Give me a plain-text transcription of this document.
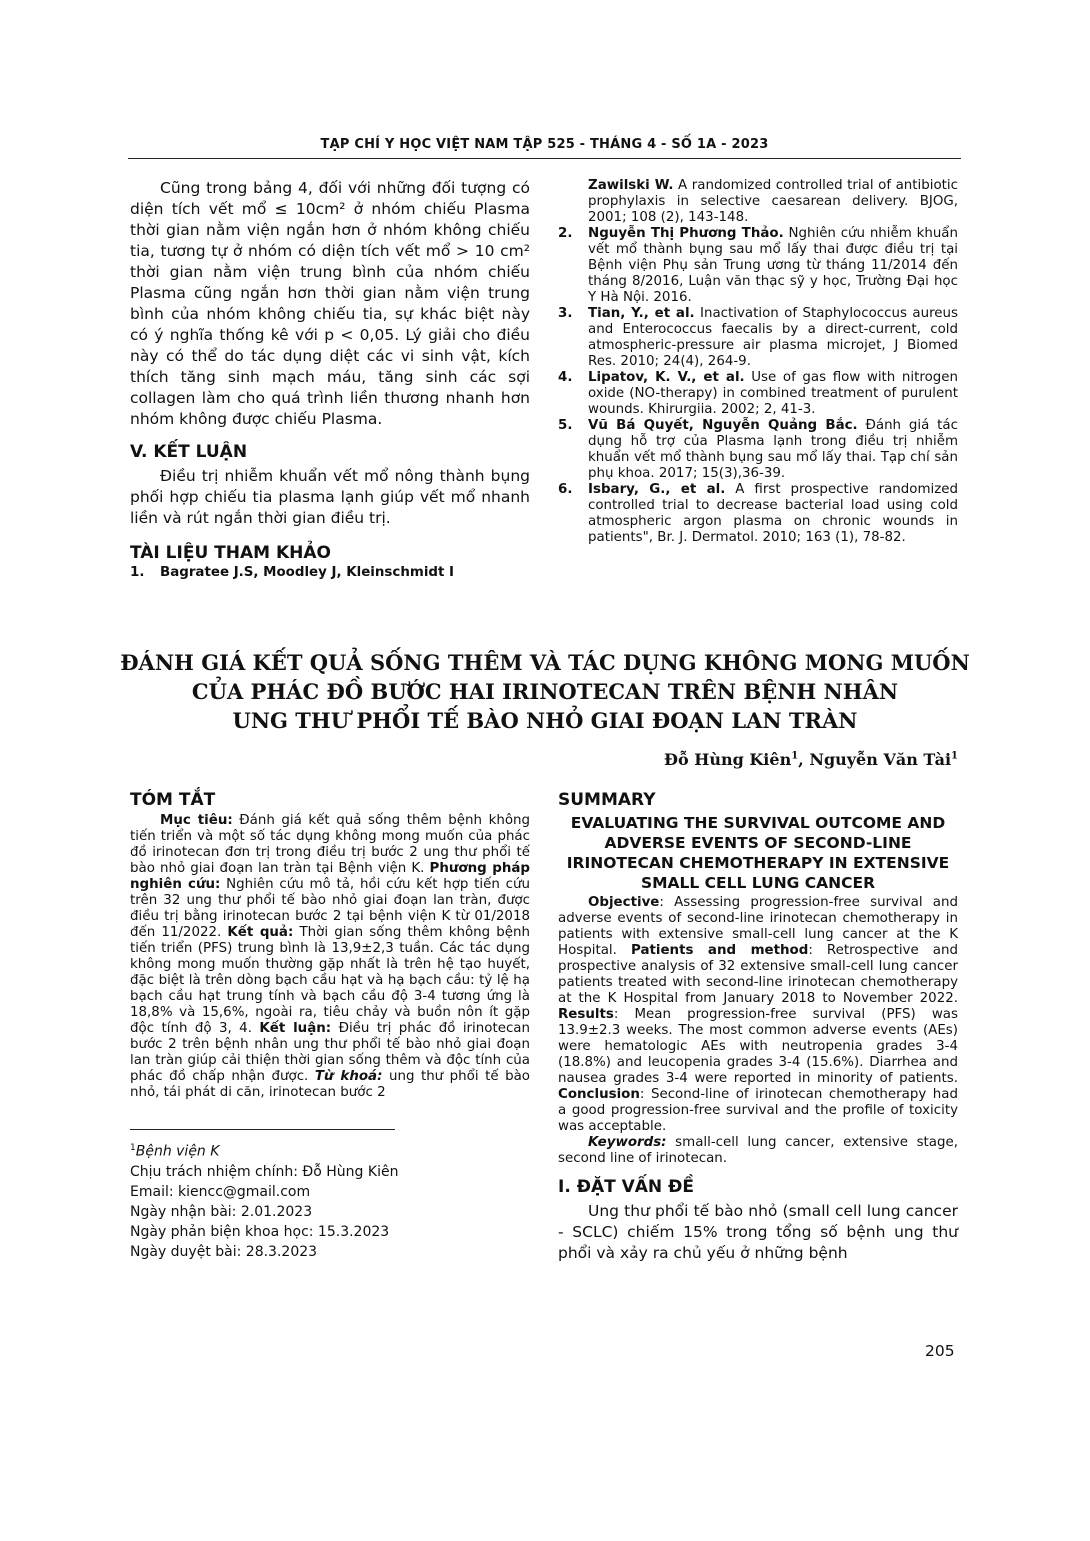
TẠP CHÍ Y HỌC VIỆT NAM TẬP 525 - THÁNG 4 - SỐ 1A - 2023

Cũng trong bảng 4, đối với những đối tượng có diện tích vết mổ ≤ 10cm² ở nhóm chiếu Plasma thời gian nằm viện ngắn hơn ở nhóm không chiếu tia, tương tự ở nhóm có diện tích vết mổ > 10 cm² thời gian nằm viện trung bình của nhóm chiếu Plasma cũng ngắn hơn thời gian nằm viện trung bình của nhóm không chiếu tia, sự khác biệt này có ý nghĩa thống kê với p < 0,05. Lý giải cho điều này có thể do tác dụng diệt các vi sinh vật, kích thích tăng sinh mạch máu, tăng sinh các sợi collagen làm cho quá trình liền thương nhanh hơn nhóm không được chiếu Plasma.

V. KẾT LUẬN

Điều trị nhiễm khuẩn vết mổ nông thành bụng phối hợp chiếu tia plasma lạnh giúp vết mổ nhanh liền và rút ngắn thời gian điều trị.

TÀI LIỆU THAM KHẢO
1.	Bagratee J.S, Moodley J, Kleinschmidt I
Zawilski W. A randomized controlled trial of antibiotic prophylaxis in selective caesarean delivery. BJOG, 2001; 108 (2), 143-148.
2.	Nguyễn Thị Phương Thảo. Nghiên cứu nhiễm khuẩn vết mổ thành bụng sau mổ lấy thai được điều trị tại Bệnh viện Phụ sản Trung ương từ tháng 11/2014 đến tháng 8/2016, Luận văn thạc sỹ y học, Trường Đại học Y Hà Nội. 2016.
3.	Tian, Y., et al. Inactivation of Staphylococcus aureus and Enterococcus faecalis by a direct-current, cold atmospheric-pressure air plasma microjet, J Biomed Res. 2010; 24(4), 264-9.
4.	Lipatov, K. V., et al. Use of gas flow with nitrogen oxide (NO-therapy) in combined treatment of purulent wounds. Khirurgiia. 2002; 2, 41-3.
5.	Vũ Bá Quyết, Nguyễn Quảng Bắc. Đánh giá tác dụng hỗ trợ của Plasma lạnh trong điều trị nhiễm khuẩn vết mổ thành bụng sau mổ lấy thai. Tạp chí sản phụ khoa. 2017; 15(3),36-39.
6.	Isbary, G., et al. A first prospective randomized controlled trial to decrease bacterial load using cold atmospheric argon plasma on chronic wounds in patients", Br. J. Dermatol. 2010; 163 (1), 78-82.
ĐÁNH GIÁ KẾT QUẢ SỐNG THÊM VÀ TÁC DỤNG KHÔNG MONG MUỐN
CỦA PHÁC ĐỒ BƯỚC HAI IRINOTECAN TRÊN BỆNH NHÂN
UNG THƯ PHỔI TẾ BÀO NHỎ GIAI ĐOẠN LAN TRÀN
Đỗ Hùng Kiên$^1$, Nguyễn Văn Tài$^1$
TÓM TẮT

Mục tiêu: Đánh giá kết quả sống thêm bệnh không tiến triển và một số tác dụng không mong muốn của phác đồ irinotecan đơn trị trong điều trị bước 2 ung thư phổi tế bào nhỏ giai đoạn lan tràn tại Bệnh viện K. Phương pháp nghiên cứu: Nghiên cứu mô tả, hồi cứu kết hợp tiến cứu trên 32 ung thư phổi tế bào nhỏ giai đoạn lan tràn, được điều trị bằng irinotecan bước 2 tại bệnh viện K từ 01/2018 đến 11/2022. Kết quả: Thời gian sống thêm không bệnh tiến triển (PFS) trung bình là 13,9±2,3 tuần. Các tác dụng không mong muốn thường gặp nhất là trên hệ tạo huyết, đặc biệt là trên dòng bạch cầu hạt và hạ bạch cầu: tỷ lệ hạ bạch cầu hạt trung tính và bạch cầu độ 3-4 tương ứng là 18,8% và 15,6%, ngoài ra, tiêu chảy và buồn nôn ít gặp độc tính độ 3, 4. Kết luận: Điều trị phác đồ irinotecan bước 2 trên bệnh nhân ung thư phổi tế bào nhỏ giai đoạn lan tràn giúp cải thiện thời gian sống thêm và độc tính của phác đồ chấp nhận được. Từ khoá: ung thư phổi tế bào nhỏ, tái phát di căn, irinotecan bước 2

$^1$Bệnh viện K

Chịu trách nhiệm chính: Đỗ Hùng Kiên

Email: kiencc@gmail.com

Ngày nhận bài: 2.01.2023

Ngày phản biện khoa học: 15.3.2023

Ngày duyệt bài: 28.3.2023

SUMMARY

EVALUATING THE SURVIVAL OUTCOME AND ADVERSE EVENTS OF SECOND-LINE IRINOTECAN CHEMOTHERAPY IN EXTENSIVE SMALL CELL LUNG CANCER

Objective: Assessing progression-free survival and adverse events of second-line irinotecan chemotherapy in patients with extensive small-cell lung cancer at the K Hospital. Patients and method: Retrospective and prospective analysis of 32 extensive small-cell lung cancer patients treated with second-line irinotecan chemotherapy at the K Hospital from January 2018 to November 2022. Results: Mean progression-free survival (PFS) was 13.9±2.3 weeks. The most common adverse events (AEs) were hematologic AEs with neutropenia grades 3-4 (18.8%) and leucopenia grades 3-4 (15.6%). Diarrhea and nausea grades 3-4 were reported in minority of patients. Conclusion: Second-line of irinotecan chemotherapy had a good progression-free survival and the profile of toxicity was acceptable.

Keywords: small-cell lung cancer, extensive stage, second line of irinotecan.

I. ĐẶT VẤN ĐỀ

Ung thư phổi tế bào nhỏ (small cell lung cancer - SCLC) chiếm 15% trong tổng số bệnh ung thư phổi và xảy ra chủ yếu ở những bệnh

205
